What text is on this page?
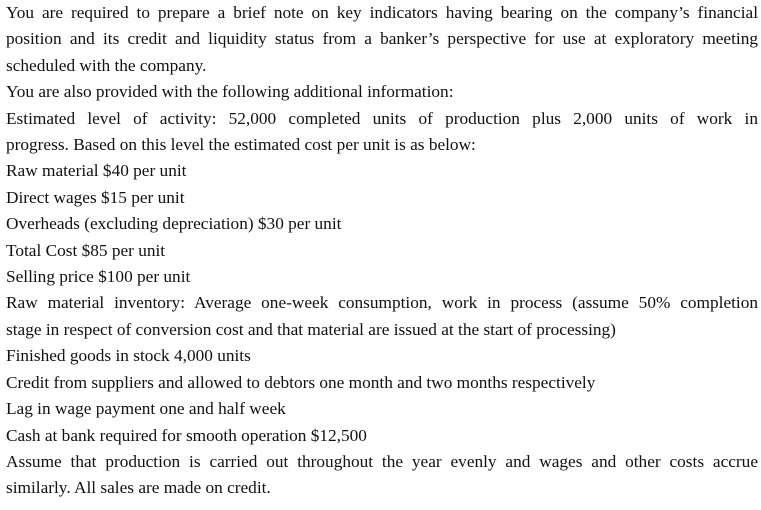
You are required to prepare a brief note on key indicators having bearing on the company’s financial
position and its credit and liquidity status from a banker’s perspective for use at exploratory meeting
scheduled with the company.
You are also provided with the following additional information:
Estimated level of activity: 52,000 completed units of production plus 2,000 units of work in
progress. Based on this level the estimated cost per unit is as below:
Raw material $40 per unit
Direct wages $15 per unit
Overheads (excluding depreciation) $30 per unit
Total Cost $85 per unit
Selling price $100 per unit
Raw material inventory: Average one-week consumption, work in process (assume 50% completion
stage in respect of conversion cost and that material are issued at the start of processing)
Finished goods in stock 4,000 units
Credit from suppliers and allowed to debtors one month and two months respectively
Lag in wage payment one and half week
Cash at bank required for smooth operation $12,500
Assume that production is carried out throughout the year evenly and wages and other costs accrue
similarly. All sales are made on credit.
